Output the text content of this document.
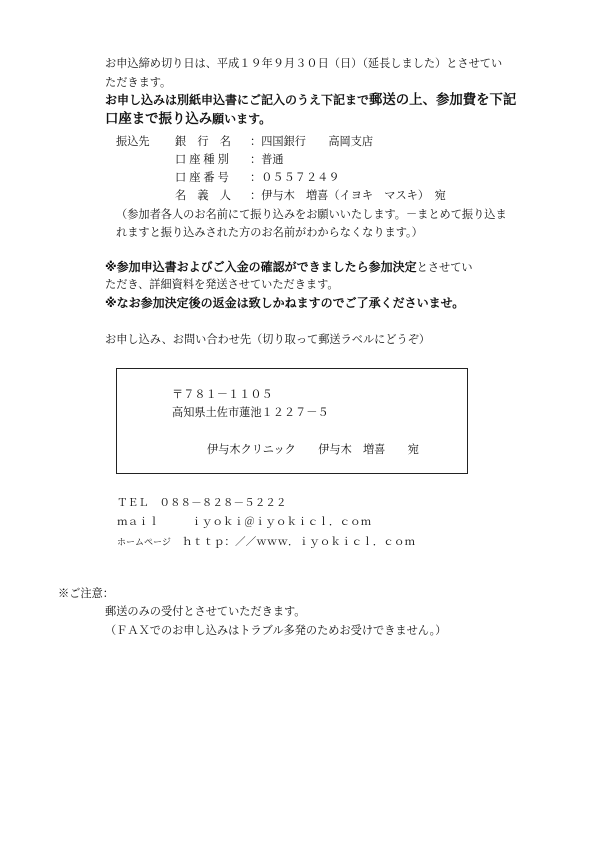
お申込締め切り日は、平成１９年９月３０日（日）（延長しました）とさせてい
ただきます。
お申し込みは別紙申込書にご記入のうえ下記まで郵送の上、参加費を下記
口座まで振り込み願います。
振込先 銀　行　名 ：四国銀行　　高岡支店
口座種別 ：普通
口座番号 ：０５５７２４９
名　義　人 ：伊与木　増喜（イヨキ　マスキ）　宛
（参加者各人のお名前にて振り込みをお願いいたします。－まとめて振り込ま
れますと振り込みされた方のお名前がわからなくなります。）
※参加申込書およびご入金の確認ができましたら参加決定とさせてい
ただき、詳細資料を発送させていただきます。
※なお参加決定後の返金は致しかねますのでご了承くださいませ。
お申し込み、お問い合わせ先（切り取って郵送ラベルにどうぞ）
〒７８１－１１０５
高知県土佐市蓮池１２２７－５
伊与木クリニック　　伊与木　増喜　　宛
ＴＥＬ　０８８－８２８－５２２２
ｍａｉｌ　　　ｉｙｏｋｉ＠ｉｙｏｋｉｃｌ．ｃｏｍ
ホームページ　 ｈｔｔｐ：／／ｗｗｗ．ｉｙｏｋｉｃｌ．ｃｏｍ
※ご注意：
郵送のみの受付とさせていただきます。
（ＦＡＸでのお申し込みはトラブル多発のためお受けできません。）
